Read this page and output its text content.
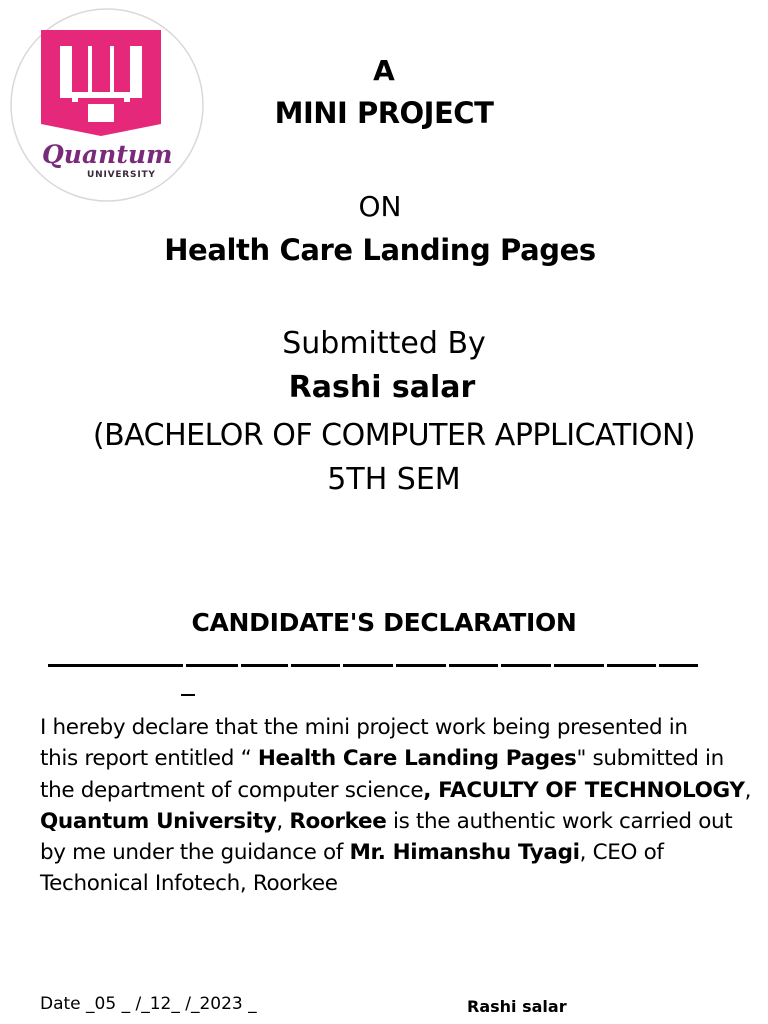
Quantum
UNIVERSITY
A
MINI PROJECT
ON
Health Care Landing Pages
Submitted By
Rashi salar
(BACHELOR OF COMPUTER APPLICATION)
5TH SEM
CANDIDATE'S DECLARATION
I hereby declare that the mini project work being presented in
this report entitled “ Health Care Landing Pages" submitted in
the department of computer science, FACULTY OF TECHNOLOGY,
Quantum University, Roorkee is the authentic work carried out
by me under the guidance of Mr. Himanshu Tyagi, CEO of
Techonical Infotech, Roorkee
Date _05 _ /_12_ /_2023 _	Rashi salar
